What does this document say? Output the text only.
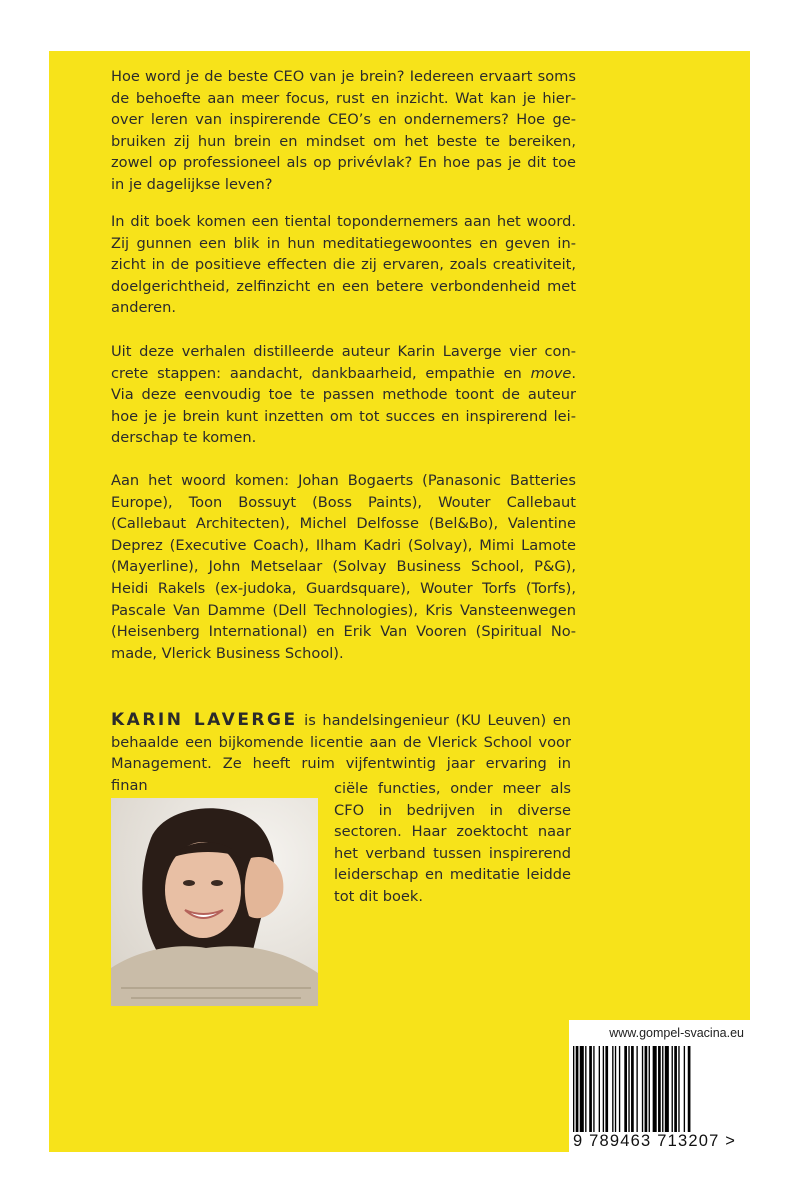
Hoe word je de beste CEO van je brein? Iedereen ervaart soms de behoefte aan meer focus, rust en inzicht. Wat kan je hierover leren van inspirerende CEO’s en ondernemers? Hoe gebruiken zij hun brein en mindset om het beste te bereiken, zowel op professioneel als op privévlak? En hoe pas je dit toe in je dagelijkse leven?

In dit boek komen een tiental topondernemers aan het woord. Zij gunnen een blik in hun meditatiegewoontes en geven inzicht in de positieve effecten die zij ervaren, zoals creativiteit, doelgerichtheid, zelfinzicht en een betere verbondenheid met anderen.

Uit deze verhalen distilleerde auteur Karin Laverge vier concrete stappen: aandacht, dankbaarheid, empathie en move. Via deze eenvoudig toe te passen methode toont de auteur hoe je je brein kunt inzetten om tot succes en inspirerend leiderschap te komen.

Aan het woord komen: Johan Bogaerts (Panasonic Batteries Europe), Toon Bossuyt (Boss Paints), Wouter Callebaut (Callebaut Architecten), Michel Delfosse (Bel&Bo), Valentine Deprez (Executive Coach), Ilham Kadri (Solvay), Mimi Lamote (Mayerline), John Metselaar (Solvay Business School, P&G), Heidi Rakels (ex-judoka, Guardsquare), Wouter Torfs (Torfs), Pascale Van Damme (Dell Technologies), Kris Vansteenwegen (Heisenberg International) en Erik Van Vooren (Spiritual Nomade, Vlerick Business School).

KARIN LAVERGE is handelsingenieur (KU Leuven) en behaalde een bijkomende licentie aan de Vlerick School voor Management. Ze heeft ruim vijfentwintig jaar ervaring in finan	ciële functies, onder meer als CFO in bedrijven in diverse sectoren. Haar zoektocht naar het verband tussen inspirerend leiderschap en meditatie leidde tot dit boek.

www.gompel-svacina.eu
9 789463 713207 >
